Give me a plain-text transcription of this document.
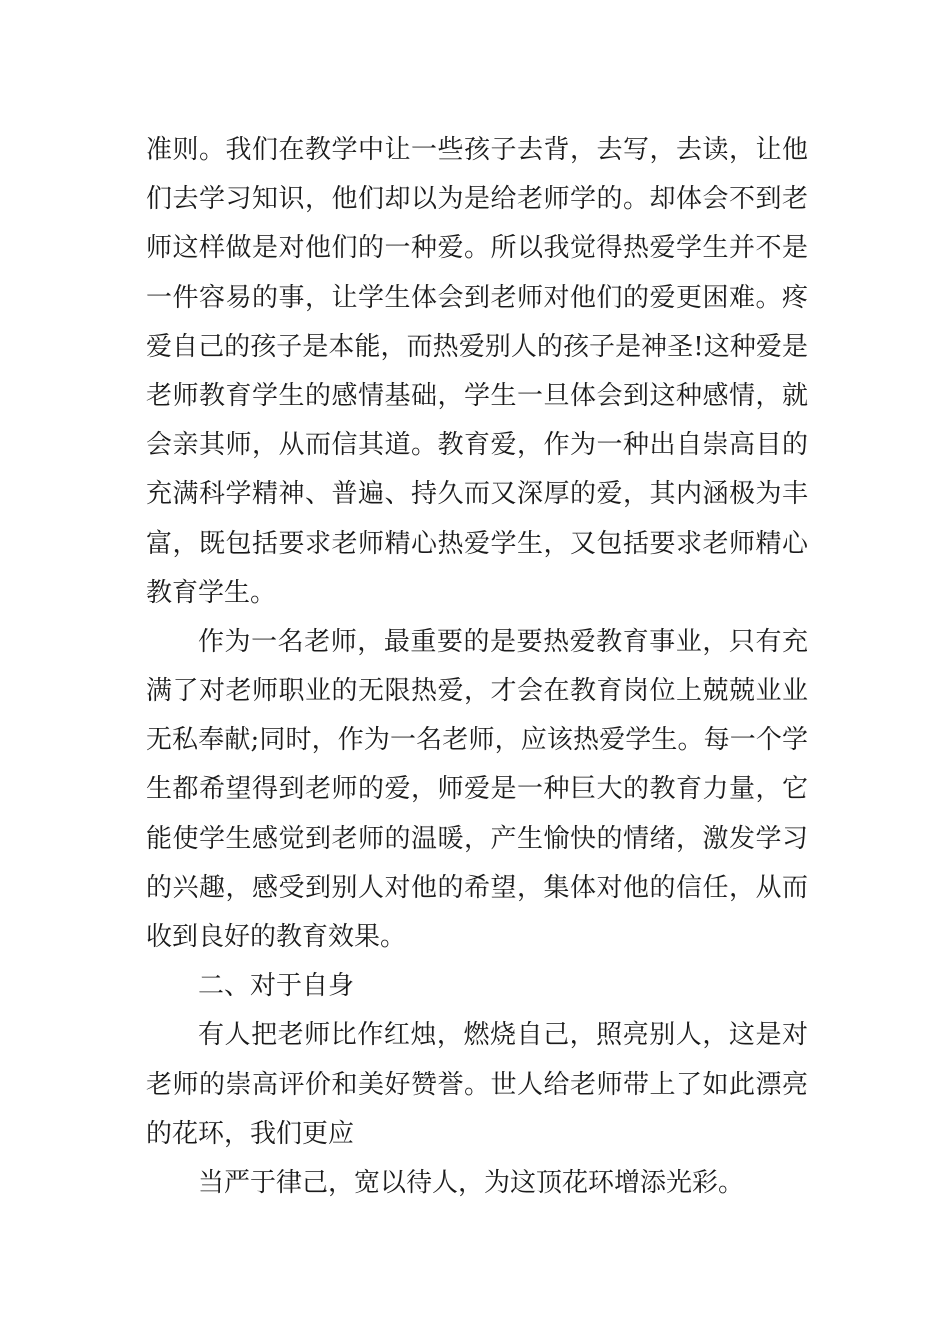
准则。我们在教学中让一些孩子去背，去写，去读，让他
们去学习知识，他们却以为是给老师学的。却体会不到老
师这样做是对他们的一种爱。所以我觉得热爱学生并不是
一件容易的事，让学生体会到老师对他们的爱更困难。疼
爱自己的孩子是本能，而热爱别人的孩子是神圣!这种爱是
老师教育学生的感情基础，学生一旦体会到这种感情，就
会亲其师，从而信其道。教育爱，作为一种出自崇高目的
充满科学精神、普遍、持久而又深厚的爱，其内涵极为丰
富，既包括要求老师精心热爱学生，又包括要求老师精心
教育学生。
作为一名老师，最重要的是要热爱教育事业，只有充
满了对老师职业的无限热爱，才会在教育岗位上兢兢业业
无私奉献;同时，作为一名老师，应该热爱学生。每一个学
生都希望得到老师的爱，师爱是一种巨大的教育力量，它
能使学生感觉到老师的温暖，产生愉快的情绪，激发学习
的兴趣，感受到别人对他的希望，集体对他的信任，从而
收到良好的教育效果。
二、对于自身
有人把老师比作红烛，燃烧自己，照亮别人，这是对
老师的崇高评价和美好赞誉。世人给老师带上了如此漂亮
的花环，我们更应
当严于律己，宽以待人，为这顶花环增添光彩。
